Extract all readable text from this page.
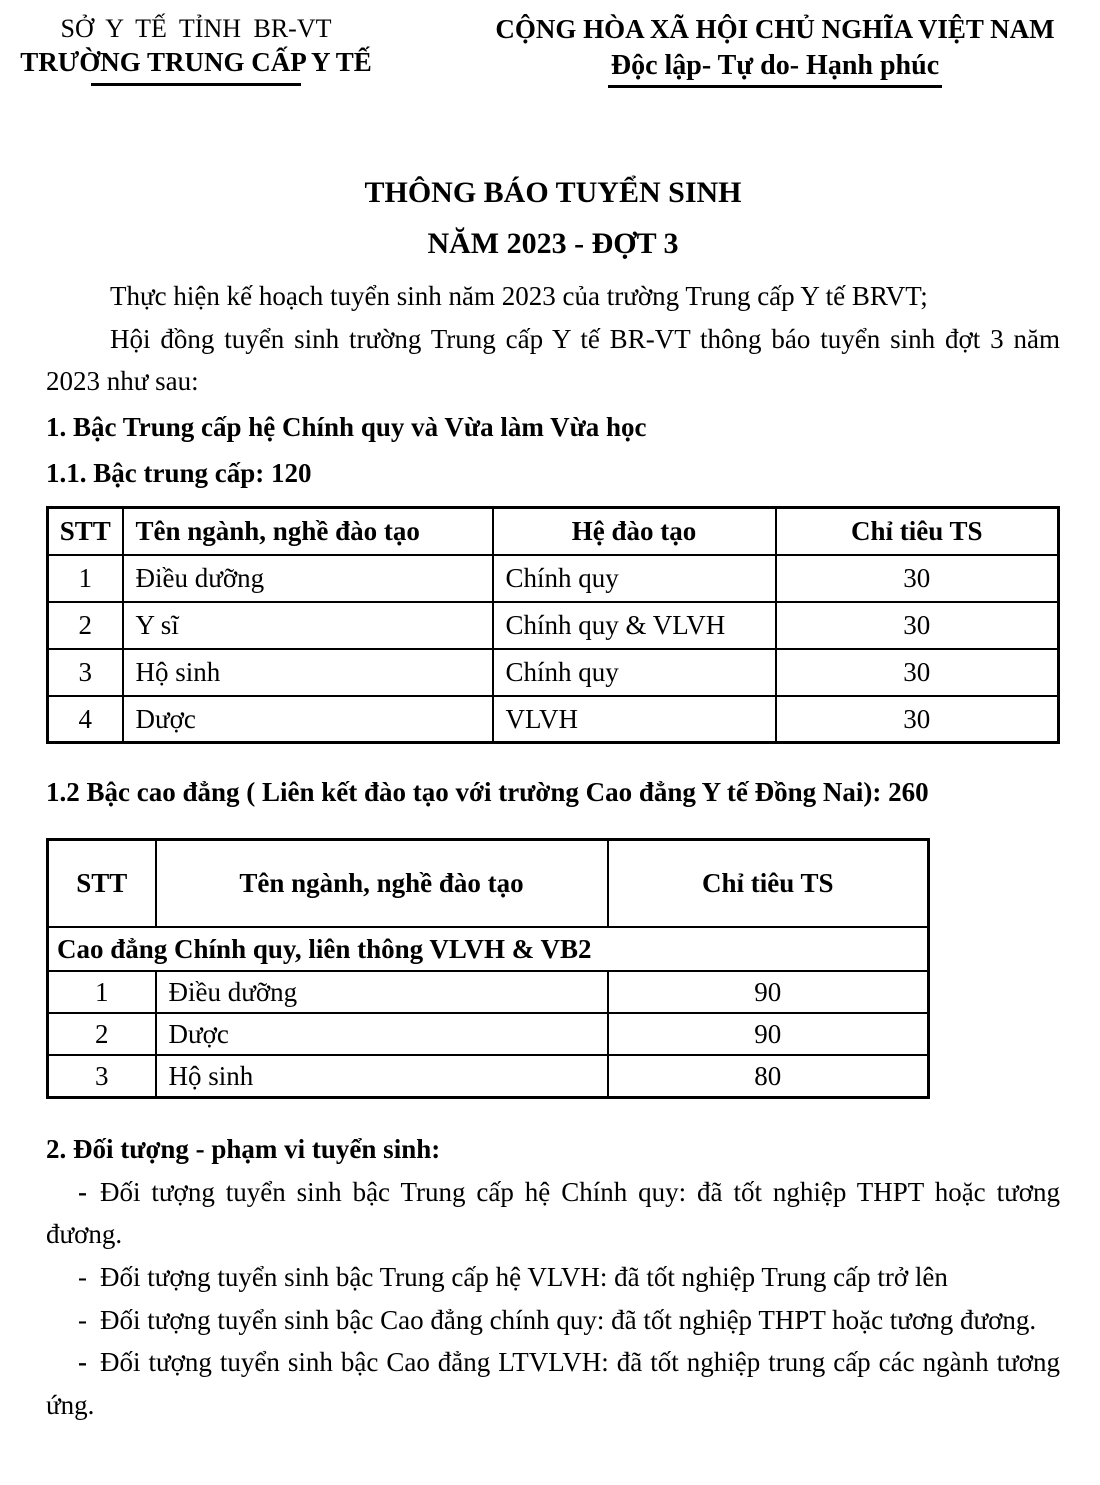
SỞ Y TẾ TỈNH BR-VT
TRƯỜNG TRUNG CẤP Y TẾ
CỘNG HÒA XÃ HỘI CHỦ NGHĨA VIỆT NAM
Độc lập- Tự do- Hạnh phúc

THÔNG BÁO TUYỂN SINH

NĂM 2023 - ĐỢT 3

Thực hiện kế hoạch tuyển sinh năm 2023 của trường Trung cấp Y tế BRVT;

Hội đồng tuyển sinh trường Trung cấp Y tế BR-VT thông báo tuyển sinh đợt 3 năm 2023 như sau:

1. Bậc Trung cấp hệ Chính quy và Vừa làm Vừa học

1.1. Bậc trung cấp: 120

STT	Tên ngành, nghề đào tạo	Hệ đào tạo	Chỉ tiêu TS
1	Điều dưỡng	Chính quy	30
2	Y sĩ	Chính quy & VLVH	30
3	Hộ sinh	Chính quy	30
4	Dược	VLVH	30

1.2 Bậc cao đẳng ( Liên kết đào tạo với trường Cao đẳng Y tế Đồng Nai): 260

STT	Tên ngành, nghề đào tạo	Chỉ tiêu TS
Cao đẳng Chính quy, liên thông VLVH & VB2		
1	Điều dưỡng	90
2	Dược	90
3	Hộ sinh	80

2. Đối tượng - phạm vi tuyển sinh:

- Đối tượng tuyển sinh bậc Trung cấp hệ Chính quy: đã tốt nghiệp THPT hoặc tương đương.

- Đối tượng tuyển sinh bậc Trung cấp hệ VLVH: đã tốt nghiệp Trung cấp trở lên

- Đối tượng tuyển sinh bậc Cao đẳng chính quy: đã tốt nghiệp THPT hoặc tương đương.

- Đối tượng tuyển sinh bậc Cao đẳng LTVLVH: đã tốt nghiệp trung cấp các ngành tương ứng.
